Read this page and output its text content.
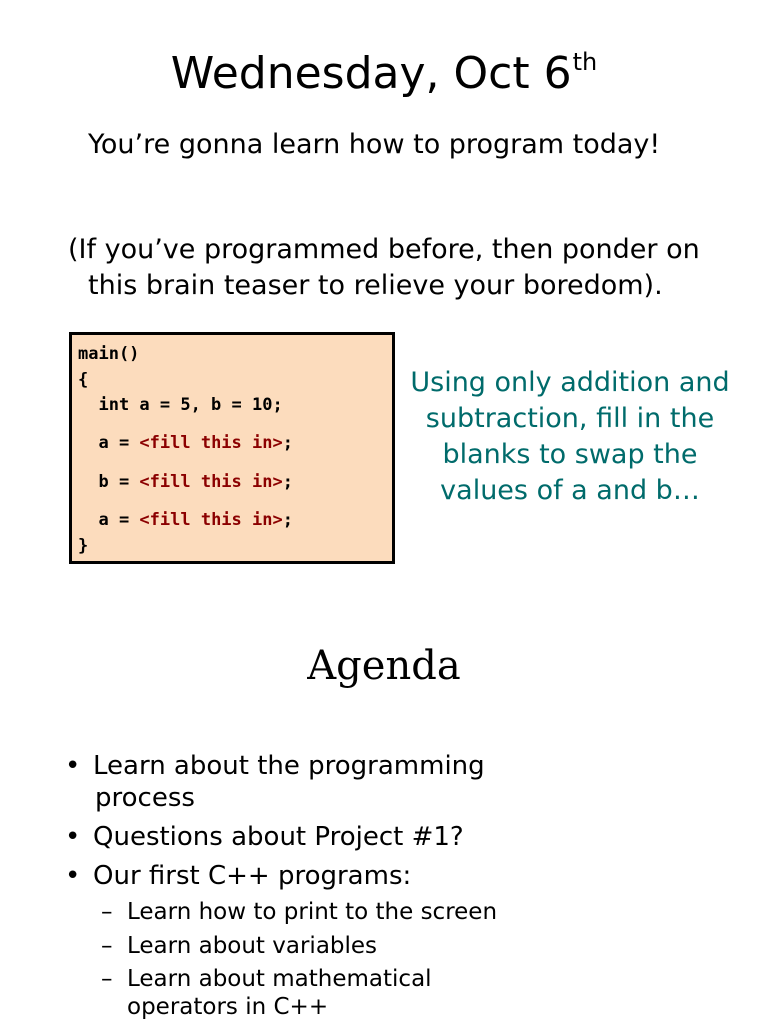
Wednesday, Oct 6th
You’re gonna learn how to program today!
(If you’ve programmed before, then ponder on
this brain teaser to relieve your boredom).
main()
{
int a = 5, b = 10;
a = <fill this in>;
b = <fill this in>;
a = <fill this in>;
}
Using only addition and
subtraction, fill in the
blanks to swap the
values of a and b…
Agenda
• Learn about the programming
process
• Questions about Project #1?
• Our first C++ programs:
– Learn how to print to the screen
– Learn about variables
– Learn about mathematical
operators in C++
